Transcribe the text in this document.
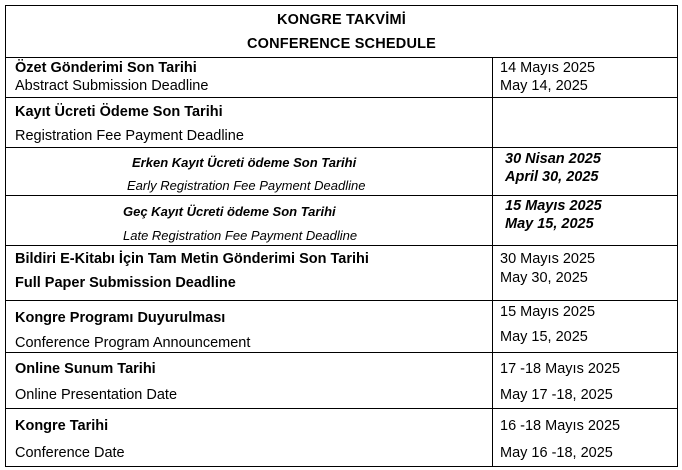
KONGRE TAKVİMİ
CONFERENCE SCHEDULE
Özet Gönderimi Son Tarihi
Abstract Submission Deadline
14 Mayıs 2025
May 14, 2025
Kayıt Ücreti Ödeme Son Tarihi
Registration Fee Payment Deadline
Erken Kayıt Ücreti ödeme Son Tarihi
Early Registration Fee Payment Deadline
30 Nisan 2025
April 30, 2025
Geç Kayıt Ücreti ödeme Son Tarihi
Late Registration Fee Payment Deadline
15 Mayıs 2025
May 15, 2025
Bildiri E-Kitabı İçin Tam Metin Gönderimi Son Tarihi
Full Paper Submission Deadline
30 Mayıs 2025
May 30, 2025
Kongre Programı Duyurulması
Conference Program Announcement
15 Mayıs 2025
May 15, 2025
Online Sunum Tarihi
Online Presentation Date
17 -18 Mayıs 2025
May 17 -18, 2025
Kongre Tarihi
Conference Date
16 -18 Mayıs 2025
May 16 -18, 2025
